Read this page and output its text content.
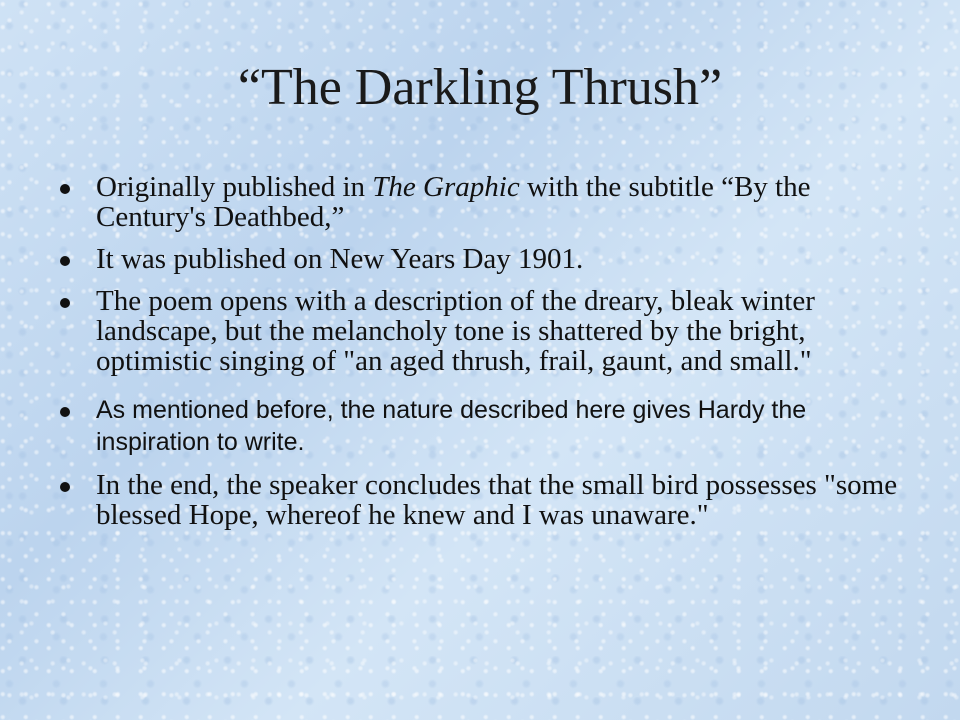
“The Darkling Thrush”
Originally published in The Graphic with the subtitle “By the Century's Deathbed,”
It was published on New Years Day 1901.
The poem opens with a description of the dreary, bleak winter landscape, but the melancholy tone is shattered by the bright, optimistic singing of "an aged thrush, frail, gaunt, and small."
As mentioned before, the nature described here gives Hardy the inspiration to write.
In the end, the speaker concludes that the small bird possesses "some blessed Hope, whereof he knew and I was unaware."
